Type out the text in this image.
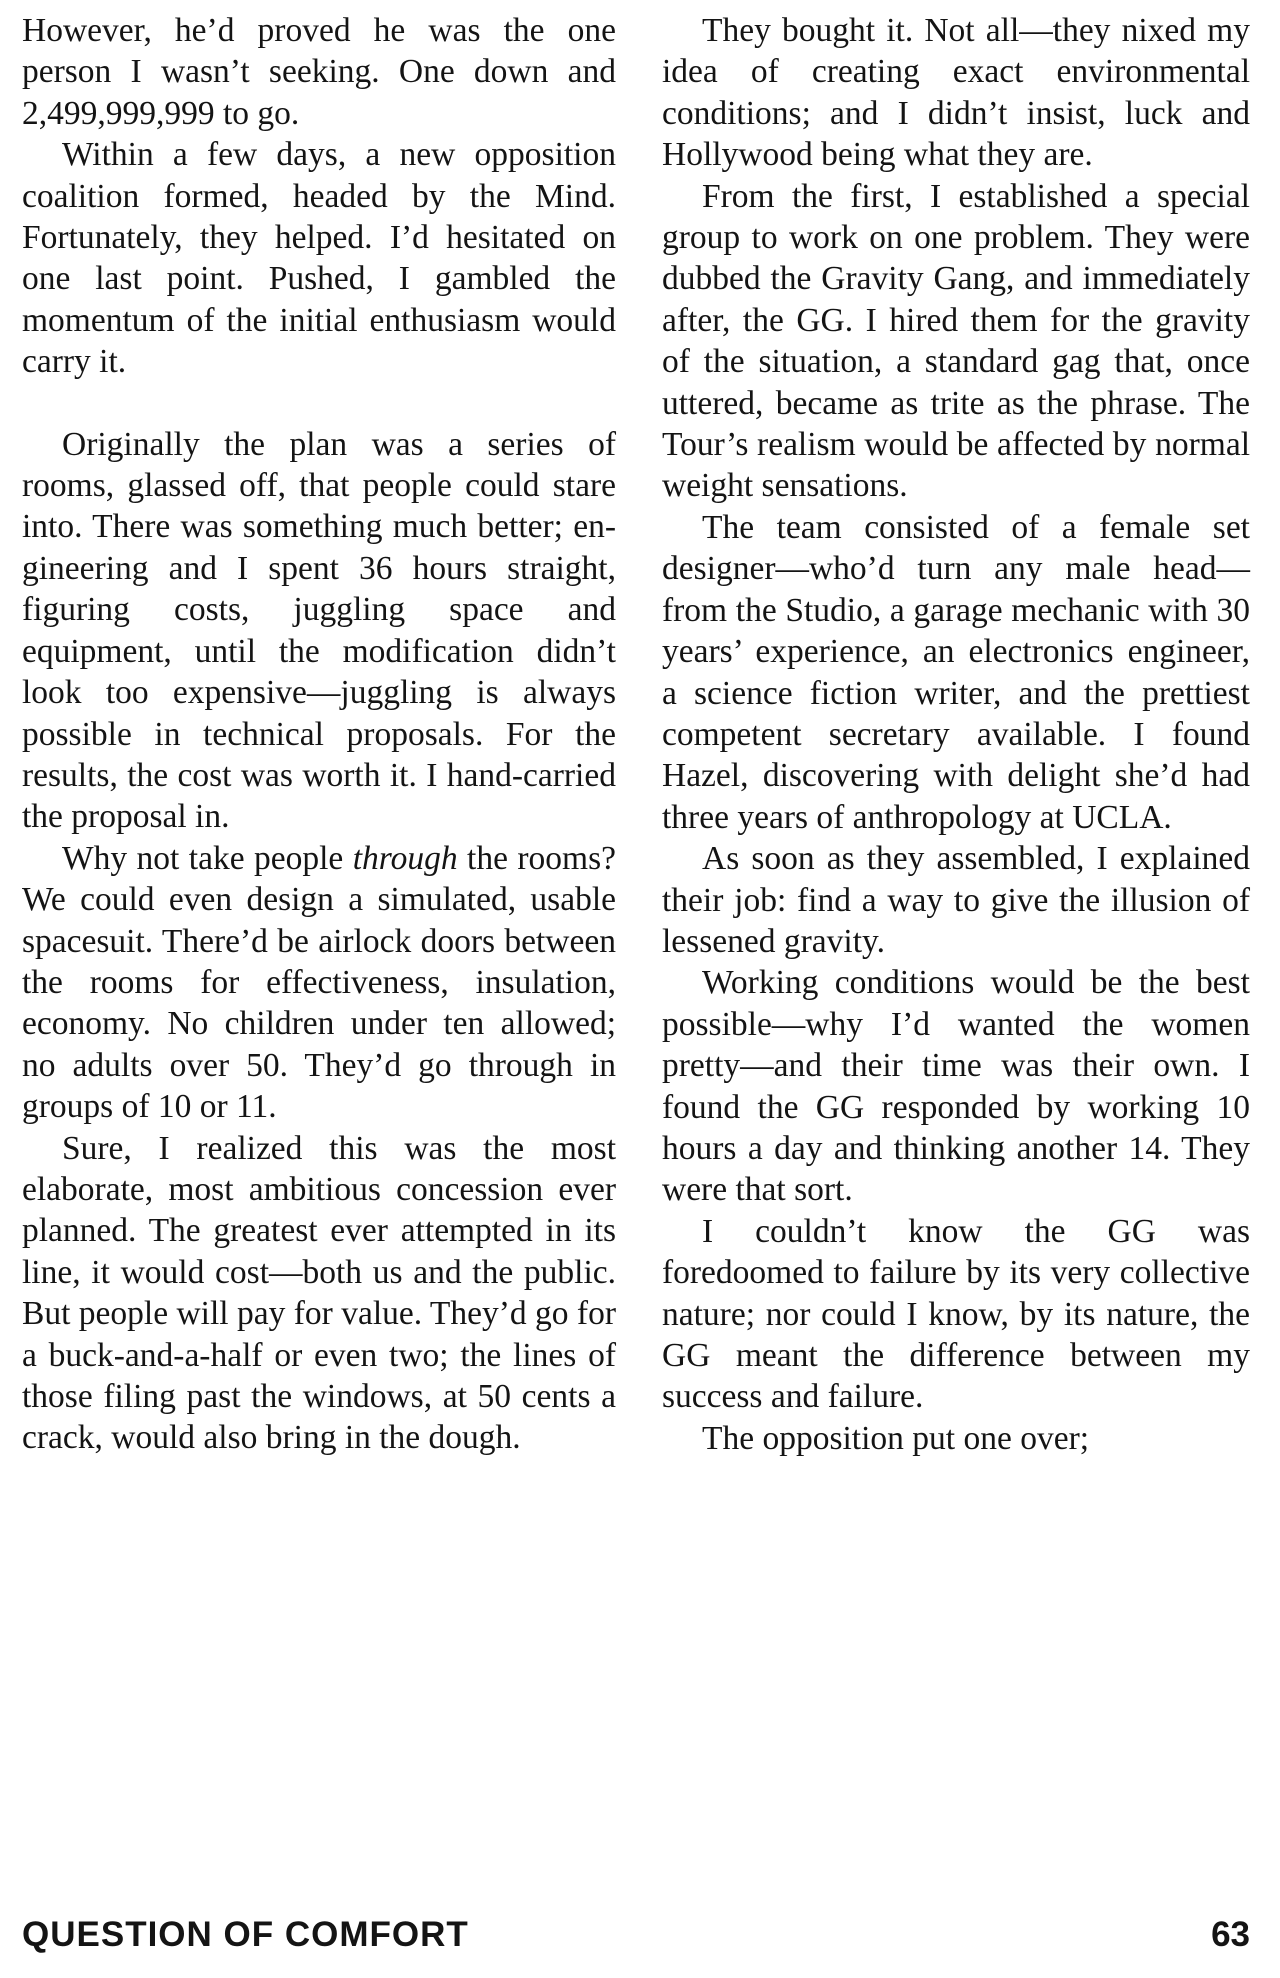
However, he’d proved he was the one person I wasn’t seeking. One down and 2,499,999,999 to go.

Within a few days, a new opposition coalition formed, headed by the Mind. Fortunately, they helped. I’d hesitated on one last point. Pushed, I gambled the momentum of the initial enthusiasm would carry it.

Originally the plan was a series of rooms, glassed off, that people could stare into. There was something much better; engineering and I spent 36 hours straight, figuring costs, juggling space and equipment, until the modification didn’t look too expensive—juggling is always possible in technical proposals. For the results, the cost was worth it. I hand-carried the proposal in.

Why not take people through the rooms? We could even design a simulated, usable spacesuit. There’d be airlock doors between the rooms for effectiveness, insulation, economy. No children under ten allowed; no adults over 50. They’d go through in groups of 10 or 11.

Sure, I realized this was the most elaborate, most ambitious concession ever planned. The greatest ever attempted in its line, it would cost—both us and the public. But people will pay for value. They’d go for a buck-and-a-half or even two; the lines of those filing past the windows, at 50 cents a crack, would also bring in the dough.

They bought it. Not all—they nixed my idea of creating exact environmental conditions; and I didn’t insist, luck and Hollywood being what they are.

From the first, I established a special group to work on one problem. They were dubbed the Gravity Gang, and immediately after, the GG. I hired them for the gravity of the situation, a standard gag that, once uttered, became as trite as the phrase. The Tour’s realism would be affected by normal weight sensations.

The team consisted of a female set designer—who’d turn any male head—from the Studio, a garage mechanic with 30 years’ experience, an electronics engineer, a science fiction writer, and the prettiest competent secretary available. I found Hazel, discovering with delight she’d had three years of anthropology at UCLA.

As soon as they assembled, I explained their job: find a way to give the illusion of lessened gravity.

Working conditions would be the best possible—why I’d wanted the women pretty—and their time was their own. I found the GG responded by working 10 hours a day and thinking another 14. They were that sort.

I couldn’t know the GG was foredoomed to failure by its very collective nature; nor could I know, by its nature, the GG meant the difference between my success and failure.

The opposition put one over;

QUESTION OF COMFORT	63
